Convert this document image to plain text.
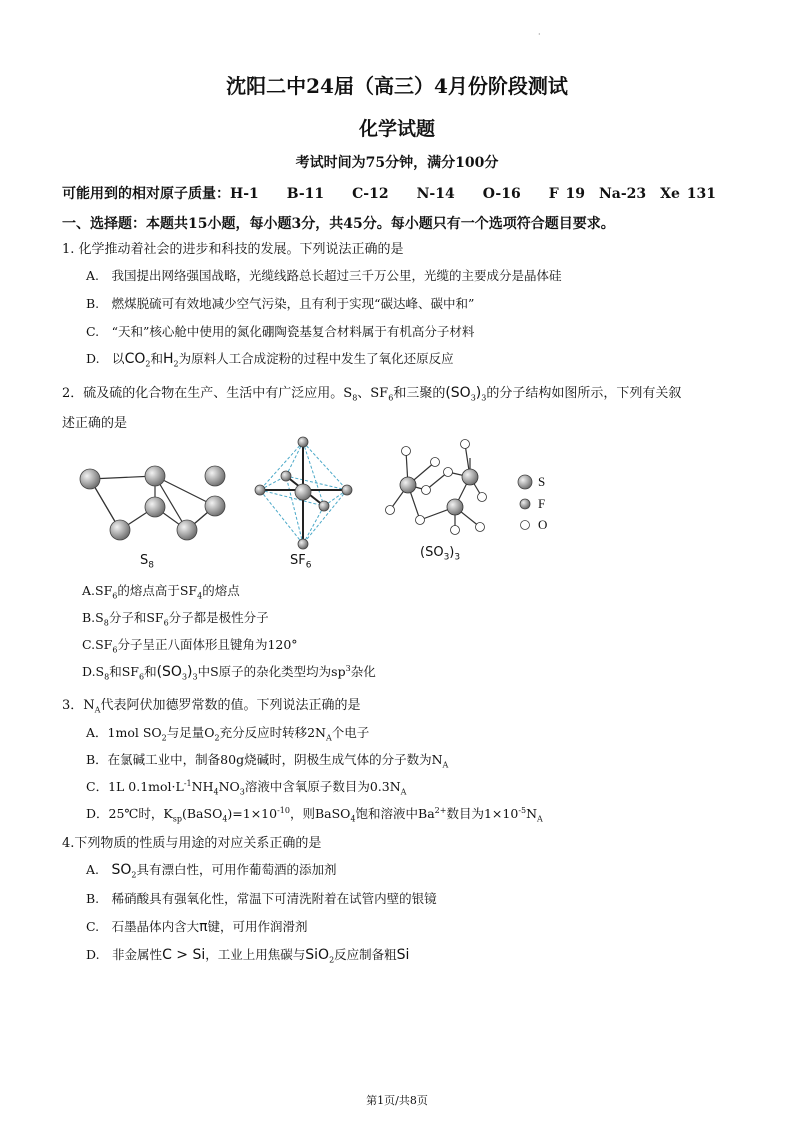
·
沈阳二中24届（高三）4月份阶段测试
化学试题
考试时间为75分钟，满分100分
可能用到的相对原子质量：H-1　　B-11　　C-12　　N-14　　O-16　　F 19　Na-23　Xe 131
一、选择题：本题共15小题，每小题3分，共45分。每小题只有一个选项符合题目要求。
1. 化学推动着社会的进步和科技的发展。下列说法正确的是
A.　我国提出网络强国战略，光缆线路总长超过三千万公里，光缆的主要成分是晶体硅
B.　燃煤脱硫可有效地减少空气污染，且有利于实现“碳达峰、碳中和”
C.　“天和”核心舱中使用的氮化硼陶瓷基复合材料属于有机高分子材料
D.　以$CO_2$和$H_2$为原料人工合成淀粉的过程中发生了氧化还原反应
2．硫及硫的化合物在生产、生活中有广泛应用。$S_8$、$SF_6$和三聚的$(SO_3)_3$的分子结构如图所示，下列有关叙
述正确的是
S
F
O
$S_8$	$SF_6$
$(SO_3)_3$
$A.SF_6$的熔点高于$SF_4$的熔点
$B.S_8$分子和$SF_6$分子都是极性分子
$C.SF_6$分子呈正八面体形且键角为120°
$D.S_8$和$SF_6$和$(SO_3)_3$中S原子的杂化类型均为$sp^3$杂化
3．$N_A$代表阿伏加德罗常数的值。下列说法正确的是
A．1mol $SO_2$与足量$O_2$充分反应时转移$2N_A$个电子
B．在氯碱工业中，制备80g烧碱时，阴极生成气体的分子数为$N_A$
C．1L $0.1mol\cdot L^{-1}NH_4NO_3$溶液中含氧原子数目为$0.3N_A$
D．25℃时，$K_{sp}(BaSO_4)=1\times 10^{-10}$，则BaSO$_4$饱和溶液中$Ba^{2+}$数目为$1\times 10^{-5}N_A$
4.下列物质的性质与用途的对应关系正确的是
A.　$SO_2$具有漂白性，可用作葡萄酒的添加剂
B.　稀硝酸具有强氧化性，常温下可清洗附着在试管内壁的银镜
C.　石墨晶体内含大π键，可用作润滑剂
D.　非金属性C > Si，工业上用焦碳与SiO$_2$反应制备粗Si
第1页/共8页
